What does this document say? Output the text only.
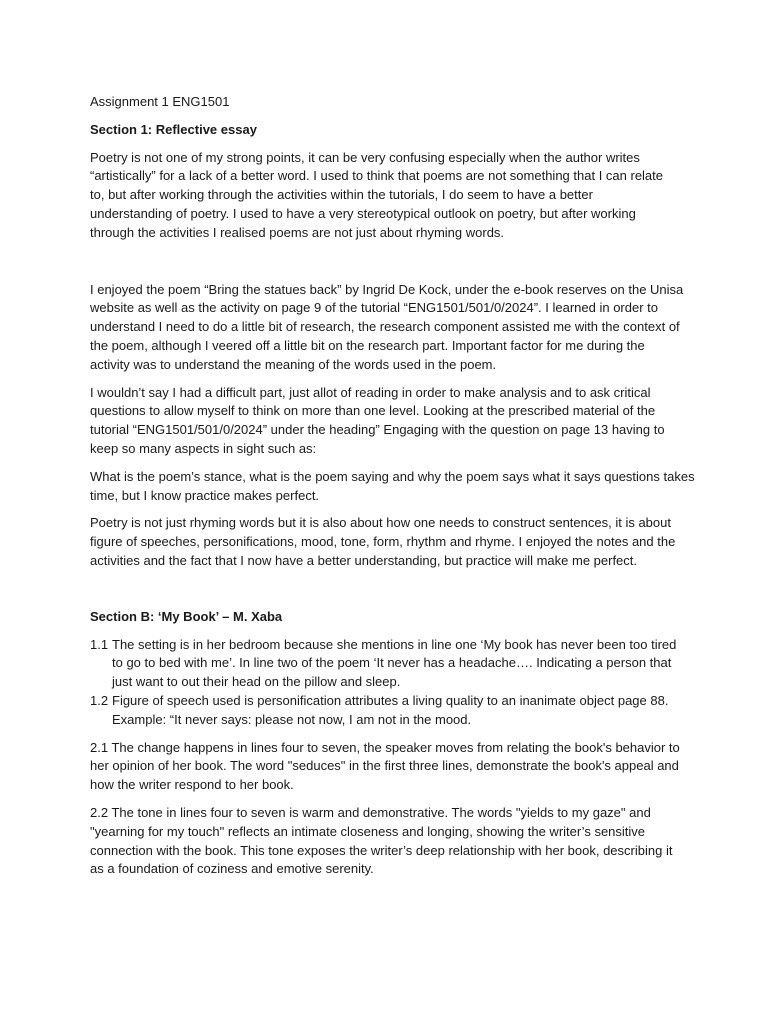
Assignment 1 ENG1501

Section 1: Reflective essay

Poetry is not one of my strong points, it can be very confusing especially when the author writes
“artistically” for a lack of a better word. I used to think that poems are not something that I can relate
to, but after working through the activities within the tutorials, I do seem to have a better
understanding of poetry. I used to have a very stereotypical outlook on poetry, but after working
through the activities I realised poems are not just about rhyming words.

I enjoyed the poem “Bring the statues back” by Ingrid De Kock, under the e-book reserves on the Unisa
website as well as the activity on page 9 of the tutorial “ENG1501/501/0/2024”. I learned in order to
understand I need to do a little bit of research, the research component assisted me with the context of
the poem, although I veered off a little bit on the research part. Important factor for me during the
activity was to understand the meaning of the words used in the poem.

I wouldn’t say I had a difficult part, just allot of reading in order to make analysis and to ask critical
questions to allow myself to think on more than one level. Looking at the prescribed material of the
tutorial “ENG1501/501/0/2024” under the heading” Engaging with the question on page 13 having to
keep so many aspects in sight such as:

What is the poem’s stance, what is the poem saying and why the poem says what it says questions takes
time, but I know practice makes perfect.

Poetry is not just rhyming words but it is also about how one needs to construct sentences, it is about
figure of speeches, personifications, mood, tone, form, rhythm and rhyme. I enjoyed the notes and the
activities and the fact that I now have a better understanding, but practice will make me perfect.

Section B: ‘My Book’ – M. Xaba

1.1 The setting is in her bedroom because she mentions in line one ‘My book has never been too tired
to go to bed with me’. In line two of the poem ‘It never has a headache…. Indicating a person that
just want to out their head on the pillow and sleep.
1.2 Figure of speech used is personification attributes a living quality to an inanimate object page 88.
Example: “It never says: please not now, I am not in the mood.

2.1 The change happens in lines four to seven, the speaker moves from relating the book's behavior to
her opinion of her book. The word "seduces" in the first three lines, demonstrate the book's appeal and
how the writer respond to her book.

2.2 The tone in lines four to seven is warm and demonstrative. The words "yields to my gaze" and
"yearning for my touch" reflects an intimate closeness and longing, showing the writer’s sensitive
connection with the book. This tone exposes the writer’s deep relationship with her book, describing it
as a foundation of coziness and emotive serenity.
